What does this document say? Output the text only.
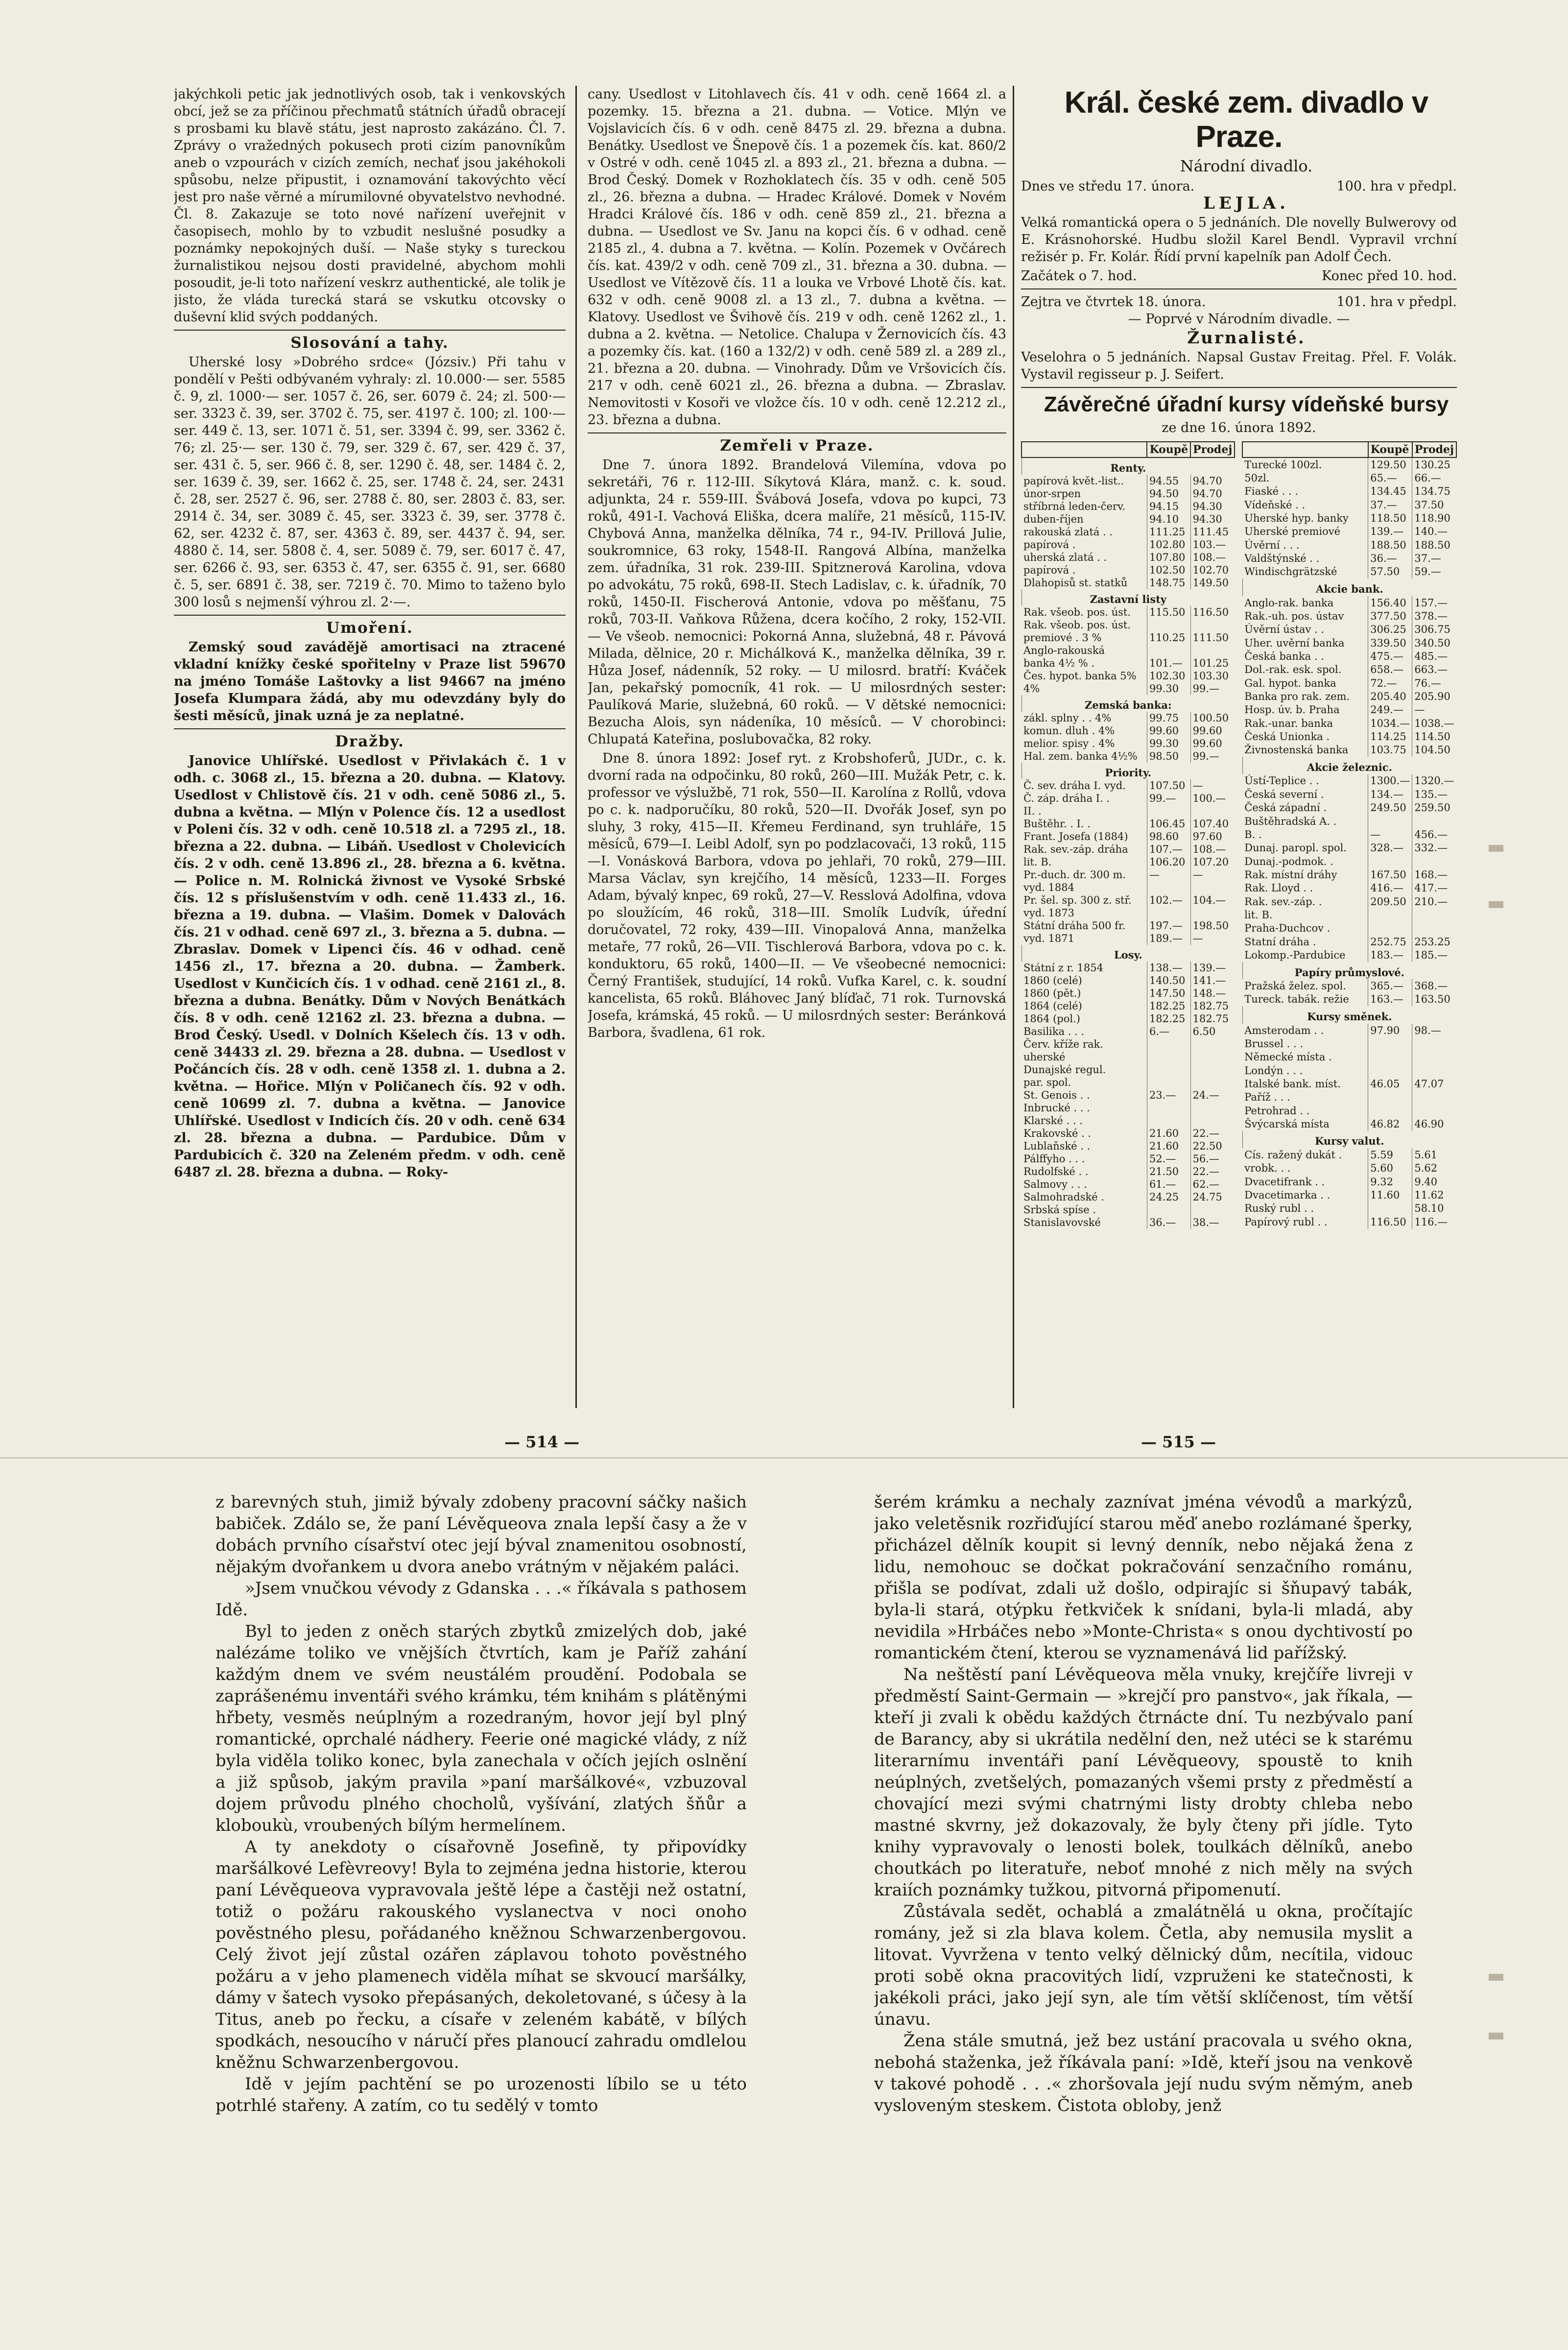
jakýchkoli petic jak jednotlivých osob, tak i venkovských obcí, jež se za příčinou přechmatů státních úřadů obracejí s prosbami ku blavě státu, jest naprosto zakázáno. Čl. 7. Zprávy o vražedných pokusech proti cizím panovníkům aneb o vzpourách v cizích zemích, nechať jsou jakéhokoli spůsobu, nelze připustit, i oznamování takovýchto věcí jest pro naše věrné a mírumilovné obyvatelstvo nevhodné. Čl. 8. Zakazuje se toto nové nařízení uveřejnit v časopisech, mohlo by to vzbudit neslušné posudky a poznámky nepokojných duší. — Naše styky s tureckou žurnalistikou nejsou dosti pravidelné, abychom mohli posoudit, je-li toto nařízení veskrz authentické, ale tolik je jisto, že vláda turecká stará se vskutku otcovsky o duševní klid svých poddaných.

Slosování a tahy.

Uherské losy »Dobrého srdce« (Józsiv.) Při tahu v pondělí v Pešti odbývaném vyhraly: zl. 10.000·— ser. 5585 č. 9, zl. 1000·— ser. 1057 č. 26, ser. 6079 č. 24; zl. 500·— ser. 3323 č. 39, ser. 3702 č. 75, ser. 4197 č. 100; zl. 100·— ser. 449 č. 13, ser. 1071 č. 51, ser. 3394 č. 99, ser. 3362 č. 76; zl. 25·— ser. 130 č. 79, ser. 329 č. 67, ser. 429 č. 37, ser. 431 č. 5, ser. 966 č. 8, ser. 1290 č. 48, ser. 1484 č. 2, ser. 1639 č. 39, ser. 1662 č. 25, ser. 1748 č. 24, ser. 2431 č. 28, ser. 2527 č. 96, ser. 2788 č. 80, ser. 2803 č. 83, ser. 2914 č. 34, ser. 3089 č. 45, ser. 3323 č. 39, ser. 3778 č. 62, ser. 4232 č. 87, ser. 4363 č. 89, ser. 4437 č. 94, ser. 4880 č. 14, ser. 5808 č. 4, ser. 5089 č. 79, ser. 6017 č. 47, ser. 6266 č. 93, ser. 6353 č. 47, ser. 6355 č. 91, ser. 6680 č. 5, ser. 6891 č. 38, ser. 7219 č. 70. Mimo to taženo bylo 300 losů s nejmenší výhrou zl. 2·—.

Umoření.

Zemský soud zavádějě amortisaci na ztracené vkladní knížky české spořitelny v Praze list 59670 na jméno Tomáše Laštovky a list 94667 na jméno Josefa Klumpara žádá, aby mu odevzdány byly do šesti měsíců, jinak uzná je za neplatné.

Dražby.

Janovice Uhlířské. Usedlost v Přivlakách č. 1 v odh. c. 3068 zl., 15. března a 20. dubna. — Klatovy. Usedlost v Chlistově čís. 21 v odh. ceně 5086 zl., 5. dubna a května. — Mlýn v Polence čís. 12 a usedlost v Poleni čís. 32 v odh. ceně 10.518 zl. a 7295 zl., 18. března a 22. dubna. — Libáň. Usedlost v Cholevicích čís. 2 v odh. ceně 13.896 zl., 28. března a 6. května. — Police n. M. Rolnická živnost ve Vysoké Srbské čís. 12 s příslušenstvím v odh. ceně 11.433 zl., 16. března a 19. dubna. — Vlašim. Domek v Dalovách čís. 21 v odhad. ceně 697 zl., 3. března a 5. dubna. — Zbraslav. Domek v Lipenci čís. 46 v odhad. ceně 1456 zl., 17. března a 20. dubna. — Žamberk. Usedlost v Kunčicích čís. 1 v odhad. ceně 2161 zl., 8. března a dubna. Benátky. Dům v Nových Benátkách čís. 8 v odh. ceně 12162 zl. 23. března a dubna. — Brod Český. Usedl. v Dolních Kšelech čís. 13 v odh. ceně 34433 zl. 29. března a 28. dubna. — Usedlost v Počáncích čís. 28 v odh. ceně 1358 zl. 1. dubna a 2. května. — Hořice. Mlýn v Poličanech čís. 92 v odh. ceně 10699 zl. 7. dubna a května. — Janovice Uhlířské. Usedlost v Indicích čís. 20 v odh. ceně 634 zl. 28. března a dubna. — Pardubice. Dům v Pardubicích č. 320 na Zeleném předm. v odh. ceně 6487 zl. 28. března a dubna. — Roky-

cany. Usedlost v Litohlavech čís. 41 v odh. ceně 1664 zl. a pozemky. 15. března a 21. dubna. — Votice. Mlýn ve Vojslavicích čís. 6 v odh. ceně 8475 zl. 29. března a dubna. Benátky. Usedlost ve Šnepově čís. 1 a pozemek čís. kat. 860/2 v Ostré v odh. ceně 1045 zl. a 893 zl., 21. března a dubna. — Brod Český. Domek v Rozhoklatech čís. 35 v odh. ceně 505 zl., 26. března a dubna. — Hradec Králové. Domek v Novém Hradci Králové čís. 186 v odh. ceně 859 zl., 21. března a dubna. — Usedlost ve Sv. Janu na kopci čís. 6 v odhad. ceně 2185 zl., 4. dubna a 7. května. — Kolín. Pozemek v Ovčárech čís. kat. 439/2 v odh. ceně 709 zl., 31. března a 30. dubna. — Usedlost ve Vítězově čís. 11 a louka ve Vrbové Lhotě čís. kat. 632 v odh. ceně 9008 zl. a 13 zl., 7. dubna a května. — Klatovy. Usedlost ve Švihově čís. 219 v odh. ceně 1262 zl., 1. dubna a 2. května. — Netolice. Chalupa v Žernovicích čís. 43 a pozemky čís. kat. (160 a 132/2) v odh. ceně 589 zl. a 289 zl., 21. března a 20. dubna. — Vinohrady. Dům ve Vršovicích čís. 217 v odh. ceně 6021 zl., 26. března a dubna. — Zbraslav. Nemovitosti v Kosoři ve vložce čís. 10 v odh. ceně 12.212 zl., 23. března a dubna.

Zemřeli v Praze.

Dne 7. února 1892. Brandelová Vilemína, vdova po sekretáři, 76 r. 112-III. Síkytová Klára, manž. c. k. soud. adjunkta, 24 r. 559-III. Švábová Josefa, vdova po kupci, 73 roků, 491-I. Vachová Eliška, dcera malíře, 21 měsíců, 115-IV. Chybová Anna, manželka dělníka, 74 r., 94-IV. Prillová Julie, soukromnice, 63 roky, 1548-II. Rangová Albína, manželka zem. úřadníka, 31 rok. 239-III. Spitznerová Karolina, vdova po advokátu, 75 roků, 698-II. Stech Ladislav, c. k. úřadník, 70 roků, 1450-II. Fischerová Antonie, vdova po měšťanu, 75 roků, 703-II. Vaňkova Růžena, dcera kočího, 2 roky, 152-VII. — Ve všeob. nemocnici: Pokorná Anna, služebná, 48 r. Pávová Milada, dělnice, 20 r. Michálková K., manželka dělníka, 39 r. Hůza Josef, nádenník, 52 roky. — U milosrd. bratří: Kváček Jan, pekařský pomocník, 41 rok. — U milosrdných sester: Paulíková Marie, služebná, 60 roků. — V dětské nemocnici: Bezucha Alois, syn nádeníka, 10 měsíců. — V chorobinci: Chlupatá Kateřina, poslubovačka, 82 roky.

Dne 8. února 1892: Josef ryt. z Krobshoferů, JUDr., c. k. dvorní rada na odpočinku, 80 roků, 260—III. Mužák Petr, c. k. professor ve výslužbě, 71 rok, 550—II. Karolína z Rollů, vdova po c. k. nadporučíku, 80 roků, 520—II. Dvořák Josef, syn po sluhy, 3 roky, 415—II. Křemeu Ferdinand, syn truhláře, 15 měsíců, 679—I. Leibl Adolf, syn po podzlacovači, 13 roků, 115—I. Vonásková Barbora, vdova po jehlaři, 70 roků, 279—III. Marsa Václav, syn krejčího, 14 měsíců, 1233—II. Forges Adam, bývalý knpec, 69 roků, 27—V. Resslová Adolfina, vdova po sloužícím, 46 roků, 318—III. Smolík Ludvík, úřední doručovatel, 72 roky, 439—III. Vinopalová Anna, manželka metaře, 77 roků, 26—VII. Tischlerová Barbora, vdova po c. k. konduktoru, 65 roků, 1400—II. — Ve všeobecné nemocnici: Černý František, studující, 14 roků. Vufka Karel, c. k. soudní kancelista, 65 roků. Bláhovec Janý blíďač, 71 rok. Turnovská Josefa, krámská, 45 roků. — U milosrdných sester: Beránková Barbora, švadlena, 61 rok.

Král. české zem. divadlo v Praze.

Národní divadlo.

Dnes ve středu 17. února.	100. hra v předpl.

LEJLA.

Velká romantická opera o 5 jednáních. Dle novelly Bulwerovy od E. Krásnohorské. Hudbu složil Karel Bendl. Vypravil vrchní režisér p. Fr. Kolár. Řídí první kapelník pan Adolf Čech.

Začátek o 7. hod.	Konec před 10. hod.
Zejtra ve čtvrtek 18. února.	101. hra v předpl.

— Poprvé v Národním divadle. —

Žurnalisté.

Veselohra o 5 jednáních. Napsal Gustav Freitag. Přel. F. Volák. Vystavil regisseur p. J. Seifert.

Závěrečné úřadní kursy vídeňské bursy

ze dne 16. února 1892.

	Koupě	Prodej
Renty.		
papírová květ.-list..	94.55	94.70
únor-srpen	94.50	94.70
stříbrná leden-červ.	94.15	94.30
duben-říjen	94.10	94.30
rakouská zlatá . .	111.25	111.45
papírová .	102.80	103.—
uherská zlatá . .	107.80	108.—
papírová .	102.50	102.70
Dlahopisů st. statků	148.75	149.50
Zastavní listy		
Rak. všeob. pos. úst.	115.50	116.50
Rak. všeob. pos. úst.		
premiové . 3 %	110.25	111.50
Anglo-rakouská		
banka 4½ % .	101.—	101.25
Čes. hypot. banka 5%	102.30	103.30
4%	99.30	99.—
Zemská banka:		
zákl. splny . . 4%	99.75	100.50
komun. dluh . 4%	99.60	99.60
melior. spisy . 4%	99.30	99.60
Hal. zem. banka 4½%	98.50	99.—
Priority.		
Č. sev. dráha I. vyd.	107.50	—
Č. záp. dráha I. .	99.—	100.—
II. .		
Buštěhr. . I. .	106.45	107.40
Frant. Josefa (1884)	98.60	97.60
Rak. sev.-záp. dráha	107.—	108.—
lit. B.	106.20	107.20
Pr.-duch. dr. 300 m.	—	—
vyd. 1884		
Pr. šel. sp. 300 z. stř.	102.—	104.—
vyd. 1873		
Státní dráha 500 fr.	197.—	198.50
vyd. 1871	189.—	—
Losy.		
Státní z r. 1854	138.—	139.—
1860 (celé)	140.50	141.—
1860 (pět.)	147.50	148.—
1864 (celé)	182.25	182.75
1864 (pol.)	182.25	182.75
Basilika . . .	6.—	6.50
Červ. kříže rak.		
uherské		
Dunajské regul.		
par. spol.		
St. Genois . .	23.—	24.—
Inbrucké . . .		
Klarské . . .		
Krakovské . .	21.60	22.—
Lublaňské . .	21.60	22.50
Pálffyho . . .	52.—	56.—
Rudolfské . .	21.50	22.—
Salmovy . . .	61.—	62.—
Salmohradské .	24.25	24.75
Srbská spíse .		
Stanislavovské	36.—	38.—
	Koupě	Prodej
Turecké 100zl.	129.50	130.25
50zl.	65.—	66.—
Fiaské . . .	134.45	134.75
Vídeňské . .	37.—	37.50
Uherské hyp. banky	118.50	118.90
Uherské premiové	139.—	140.—
Úvěrní . . .	188.50	188.50
Valdštýnské . .	36.—	37.—
Windischgrätzské	57.50	59.—
Akcie bank.		
Anglo-rak. banka	156.40	157.—
Rak.-uh. pos. ústav	377.50	378.—
Úvěrní ústav . .	306.25	306.75
Uher. uvěrní banka	339.50	340.50
Česká banka . .	475.—	485.—
Dol.-rak. esk. spol.	658.—	663.—
Gal. hypot. banka	72.—	76.—
Banka pro rak. zem.	205.40	205.90
Hosp. úv. b. Praha	249.—	—
Rak.-unar. banka	1034.—	1038.—
Česká Unionka .	114.25	114.50
Živnostenská banka	103.75	104.50
Akcie železnic.		
Ústí-Teplice . .	1300.—	1320.—
Česká severní .	134.—	135.—
Česká západní .	249.50	259.50
Buštěhradská A. .		
B. .	—	456.—
Dunaj. paropl. spol.	328.—	332.—
Dunaj.-podmok. .		
Rak. místní dráhy	167.50	168.—
Rak. Lloyd . .	416.—	417.—
Rak. sev.-záp. .	209.50	210.—
lit. B.		
Praha-Duchcov .		
Statní dráha .	252.75	253.25
Lokomp.-Pardubice	183.—	185.—
Papíry průmyslové.		
Pražská želez. spol.	365.—	368.—
Tureck. tabák. režie	163.—	163.50
Kursy směnek.		
Amsterodam . .	97.90	98.—
Brussel . . .		
Německé místa .		
Londýn . . .		
Italské bank. míst.	46.05	47.07
Paříž . . .		
Petrohrad . .		
Švýcarská místa	46.82	46.90
Kursy valut.		
Cís. ražený dukát .	5.59	5.61
vrobk. . .	5.60	5.62
Dvacetifrank . .	9.32	9.40
Dvacetimarka . .	11.60	11.62
Ruský rubl . .		58.10
Papírový rubl . .	116.50	116.—
— 514 —	— 515 —

z barevných stuh, jimiž bývaly zdobeny pracovní sáčky našich babiček. Zdálo se, že paní Lévěqueova znala lepší časy a že v dobách prvního císařství otec její býval znamenitou osobností, nějakým dvořankem u dvora anebo vrátným v nějakém paláci.

»Jsem vnučkou vévody z Gdanska . . .« říkávala s pathosem Idě.

Byl to jeden z oněch starých zbytků zmizelých dob, jaké nalézáme toliko ve vnějších čtvrtích, kam je Paříž zahání každým dnem ve svém neustálém proudění. Podobala se zaprášenému inventáři svého krámku, tém knihám s plátěnými hřbety, vesměs neúplným a rozedraným, hovor její byl plný romantické, oprchalé nádhery. Feerie oné magické vlády, z níž byla viděla toliko konec, byla zanechala v očích jejích oslnění a již spůsob, jakým pravila »paní maršálkové«, vzbuzoval dojem průvodu plného chocholů, vyšívání, zlatých šňůr a kloboukù, vroubených bílým hermelínem.

A ty anekdoty o císařovně Josefině, ty připovídky maršálkové Lefèvreovy! Byla to zejména jedna historie, kterou paní Lévěqueova vypravovala ještě lépe a častěji než ostatní, totiž o požáru rakouského vyslanectva v noci onoho pověstného plesu, pořádaného kněžnou Schwarzenbergovou. Celý život její zůstal ozářen záplavou tohoto pověstného požáru a v jeho plamenech viděla míhat se skvoucí maršálky, dámy v šatech vysoko přepásaných, dekoletované, s účesy à la Titus, aneb po řecku, a císaře v zeleném kabátě, v bílých spodkách, nesoucího v náručí přes planoucí zahradu omdlelou kněžnu Schwarzenbergovou.

Idě v jejím pachtění se po urozenosti líbilo se u této potrhlé stařeny. A zatím, co tu sedělý v tomto

šerém krámku a nechaly zaznívat jména vévodů a markýzů, jako veletěsnik rozřiďující starou měď anebo rozlámané šperky, přicházel dělník koupit si levný denník, nebo nějaká žena z lidu, nemohouc se dočkat pokračování senzačního románu, přišla se podívat, zdali už došlo, odpirajíc si šňupavý tabák, byla-li stará, otýpku řetkviček k snídani, byla-li mladá, aby nevidila »Hrbáčes nebo »Monte-Christa« s onou dychtivostí po romantickém čtení, kterou se vyznamenává lid pařížský.

Na neštěstí paní Lévěqueova měla vnuky, krejčíře livreji v předměstí Saint-Germain — »krejčí pro panstvo«, jak říkala, — kteří ji zvali k obědu každých čtrnácte dní. Tu nezbývalo paní de Barancy, aby si ukrátila nedělní den, než utéci se k starému literarnímu inventáři paní Lévěqueovy, spoustě to knih neúplných, zvetšelých, pomazaných všemi prsty z předměstí a chovající mezi svými chatrnými listy drobty chleba nebo mastné skvrny, jež dokazovaly, že byly čteny při jídle. Tyto knihy vypravovaly o lenosti bolek, toulkách dělníků, anebo choutkách po literatuře, neboť mnohé z nich měly na svých kraiích poznámky tužkou, pitvorná připomenutí.

Zůstávala sedět, ochablá a zmalátnělá u okna, pročítajíc romány, jež si zla blava kolem. Četla, aby nemusila myslit a litovat. Vyvržena v tento velký dělnický dům, necítila, vidouc proti sobě okna pracovitých lidí, vzpruženi ke statečnosti, k jakékoli práci, jako její syn, ale tím větší sklíčenost, tím větší únavu.

Žena stále smutná, jež bez ustání pracovala u svého okna, nebohá staženka, jež říkávala paní: »Idě, kteří jsou na venkově v takové pohodě . . .« zhoršovala její nudu svým němým, aneb vysloveným steskem. Čistota obloby, jenž
